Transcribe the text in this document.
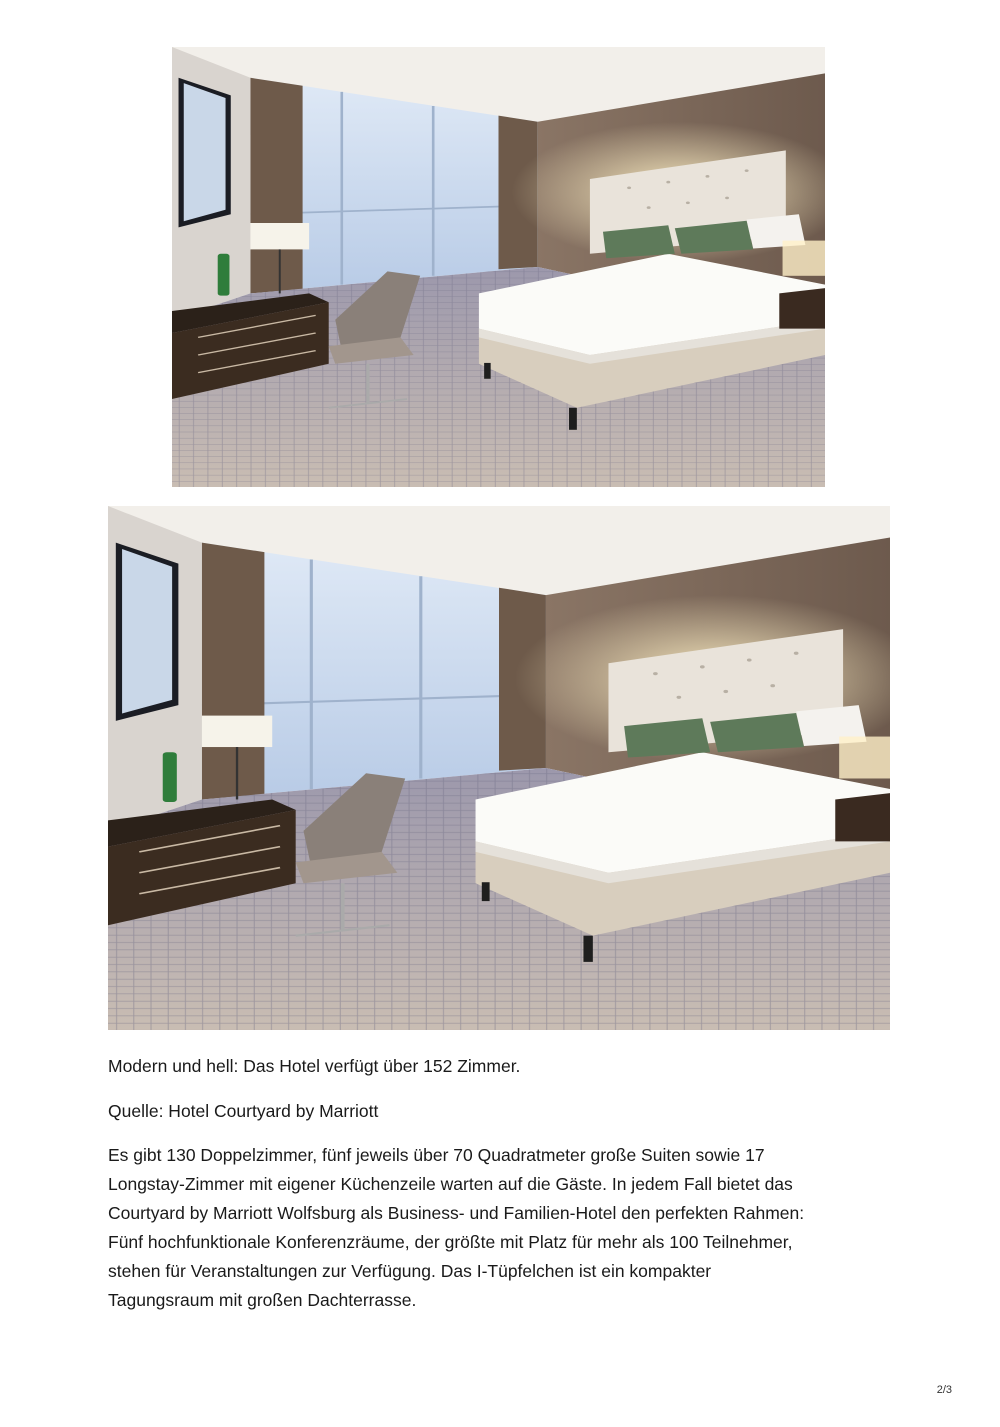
Modern und hell: Das Hotel verfügt über 152 Zimmer.

Quelle: Hotel Courtyard by Marriott

Es gibt 130 Doppelzimmer, fünf jeweils über 70 Quadratmeter große Suiten sowie 17
Longstay-Zimmer mit eigener Küchenzeile warten auf die Gäste. In jedem Fall bietet das
Courtyard by Marriott Wolfsburg als Business- und Familien-Hotel den perfekten Rahmen:
Fünf hochfunktionale Konferenzräume, der größte mit Platz für mehr als 100 Teilnehmer,
stehen für Veranstaltungen zur Verfügung. Das I-Tüpfelchen ist ein kompakter
Tagungsraum mit großen Dachterrasse.

2/3
